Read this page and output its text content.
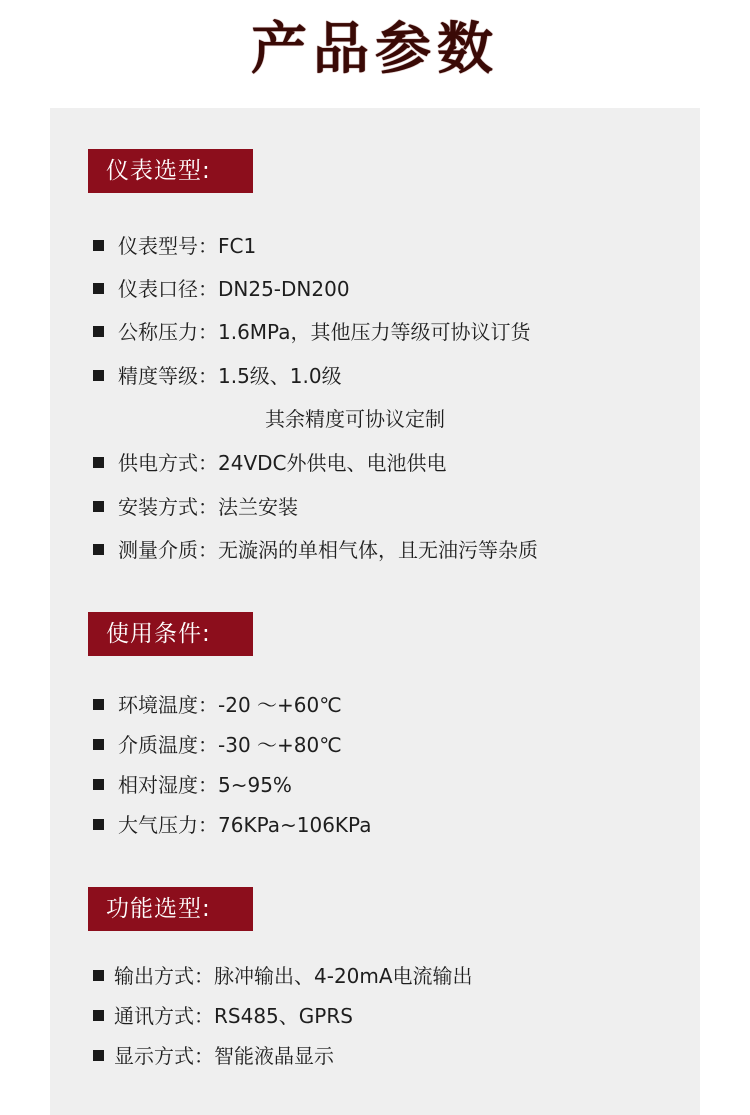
产品参数
仪表选型:
仪表型号：FC1
仪表口径：DN25-DN200
公称压力：1.6MPa，其他压力等级可协议订货
精度等级：1.5级、1.0级
其余精度可协议定制
供电方式：24VDC外供电、电池供电
安装方式：法兰安装
测量介质：无漩涡的单相气体，且无油污等杂质
使用条件:
环境温度：-20 ～+60℃
介质温度：-30 ～+80℃
相对湿度：5~95%
大气压力：76KPa~106KPa
功能选型:
输出方式：脉冲输出、4-20mA电流输出
通讯方式：RS485、GPRS
显示方式：智能液晶显示
